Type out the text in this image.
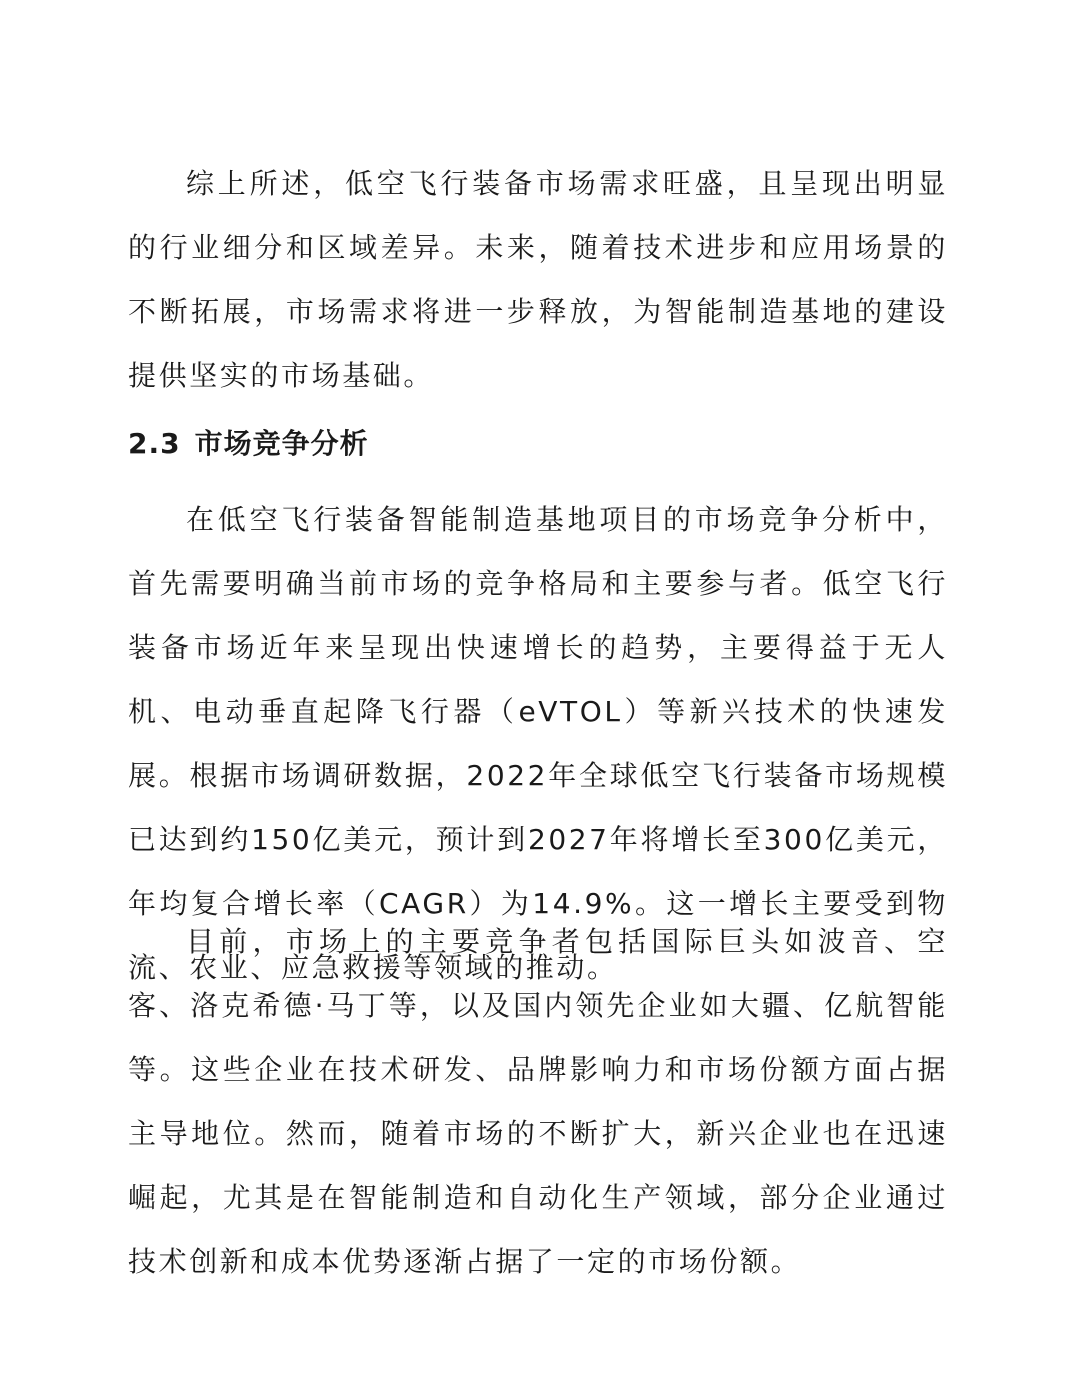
综上所述，低空飞行装备市场需求旺盛，且呈现出明显的行业细分和区域差异。未来，随着技术进步和应用场景的不断拓展，市场需求将进一步释放，为智能制造基地的建设提供坚实的市场基础。

2.3 市场竞争分析

在低空飞行装备智能制造基地项目的市场竞争分析中，首先需要明确当前市场的竞争格局和主要参与者。低空飞行装备市场近年来呈现出快速增长的趋势，主要得益于无人机、电动垂直起降飞行器（eVTOL）等新兴技术的快速发展。根据市场调研数据，2022年全球低空飞行装备市场规模已达到约150亿美元，预计到2027年将增长至300亿美元，年均复合增长率（CAGR）为14.9%。这一增长主要受到物流、农业、应急救援等领域的推动。

目前，市场上的主要竞争者包括国际巨头如波音、空客、洛克希德·马丁等，以及国内领先企业如大疆、亿航智能等。这些企业在技术研发、品牌影响力和市场份额方面占据主导地位。然而，随着市场的不断扩大，新兴企业也在迅速崛起，尤其是在智能制造和自动化生产领域，部分企业通过技术创新和成本优势逐渐占据了一定的市场份额。
